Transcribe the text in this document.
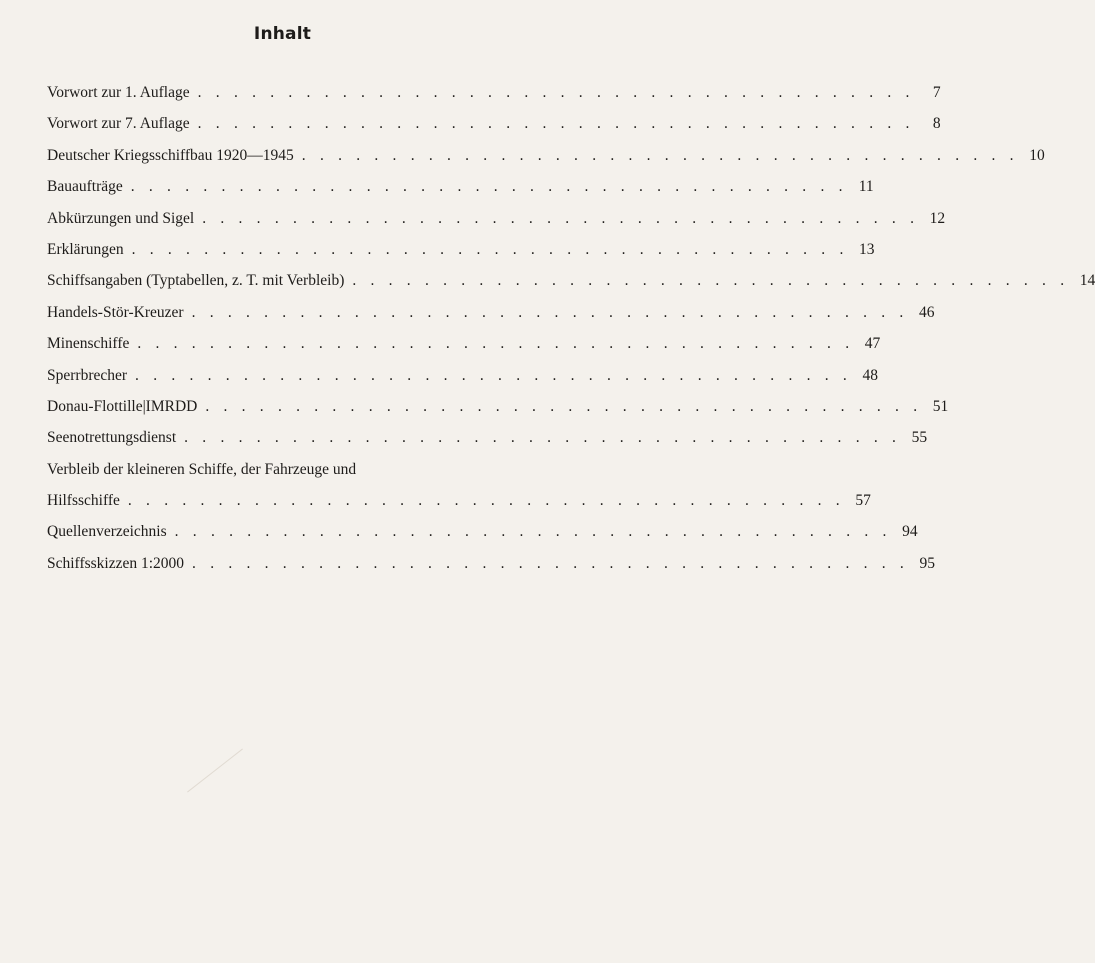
Inhalt
Vorwort zur 1. Auflage . . . . . . . . . . . . . . . . . . . . . . . . . . . . . . . . . . . . . . . .	7
Vorwort zur 7. Auflage . . . . . . . . . . . . . . . . . . . . . . . . . . . . . . . . . . . . . . . .	8
Deutscher Kriegsschiffbau 1920—1945 . . . . . . . . . . . . . . . . . . . . . . . . . . . . . . . . . . . . . . . . 10
Bauaufträge . . . . . . . . . . . . . . . . . . . . . . . . . . . . . . . . . . . . . . . . 11
Abkürzungen und Sigel . . . . . . . . . . . . . . . . . . . . . . . . . . . . . . . . . . . . . . . . 12
Erklärungen . . . . . . . . . . . . . . . . . . . . . . . . . . . . . . . . . . . . . . . . 13
Schiffsangaben (Typtabellen, z. T. mit Verbleib) . . . . . . . . . . . . . . . . . . . . . . . . . . . . . . . . . . . . . . . . 14
Handels-Stör-Kreuzer . . . . . . . . . . . . . . . . . . . . . . . . . . . . . . . . . . . . . . . . 46
Minenschiffe . . . . . . . . . . . . . . . . . . . . . . . . . . . . . . . . . . . . . . . . 47
Sperrbrecher . . . . . . . . . . . . . . . . . . . . . . . . . . . . . . . . . . . . . . . . 48
Donau-Flottille|IMRDD . . . . . . . . . . . . . . . . . . . . . . . . . . . . . . . . . . . . . . . . 51
Seenotrettungsdienst . . . . . . . . . . . . . . . . . . . . . . . . . . . . . . . . . . . . . . . . 55
Verbleib der kleineren Schiffe, der Fahrzeuge und
Hilfsschiffe . . . . . . . . . . . . . . . . . . . . . . . . . . . . . . . . . . . . . . . . 57
Quellenverzeichnis . . . . . . . . . . . . . . . . . . . . . . . . . . . . . . . . . . . . . . . . 94
Schiffsskizzen 1:2000 . . . . . . . . . . . . . . . . . . . . . . . . . . . . . . . . . . . . . . . . 95
